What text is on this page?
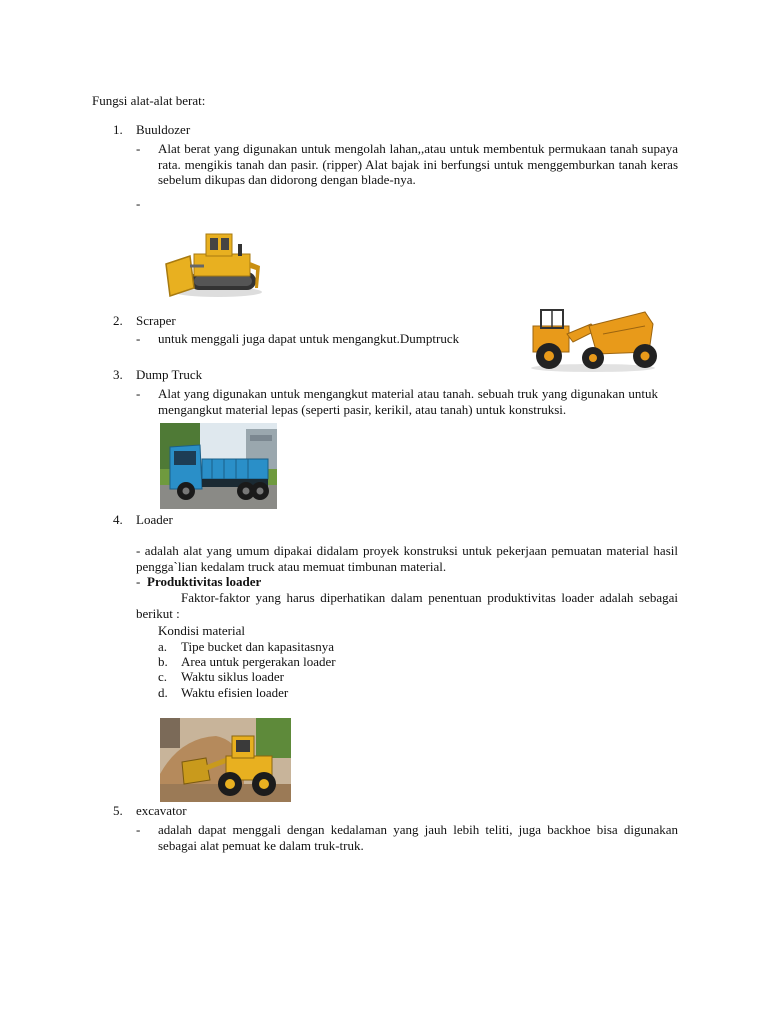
Fungsi alat-alat berat:
1. Buuldozer
- Alat berat yang digunakan untuk mengolah lahan,,atau untuk membentuk permukaan tanah supaya rata. mengikis tanah dan pasir. (ripper) Alat bajak ini berfungsi untuk menggemburkan tanah keras sebelum dikupas dan didorong dengan blade-nya.
-
2. Scraper
- untuk menggali juga dapat untuk mengangkut.Dumptruck
3. Dump Truck
- Alat yang digunakan untuk mengangkut material atau tanah. sebuah truk yang digunakan untuk mengangkut material lepas (seperti pasir, kerikil, atau tanah) untuk konstruksi.
4. Loader
- adalah alat yang umum dipakai didalam proyek konstruksi untuk pekerjaan pemuatan material hasil pengga`lian kedalam truck atau memuat timbunan material.
- Produktivitas loader
Faktor-faktor yang harus diperhatikan dalam penentuan produktivitas loader adalah sebagai berikut :
Kondisi material
a. Tipe bucket dan kapasitasnya
b. Area untuk pergerakan loader
c. Waktu siklus loader
d. Waktu efisien loader
5. excavator
- adalah dapat menggali dengan kedalaman yang jauh lebih teliti, juga backhoe bisa digunakan sebagai alat pemuat ke dalam truk-truk.
